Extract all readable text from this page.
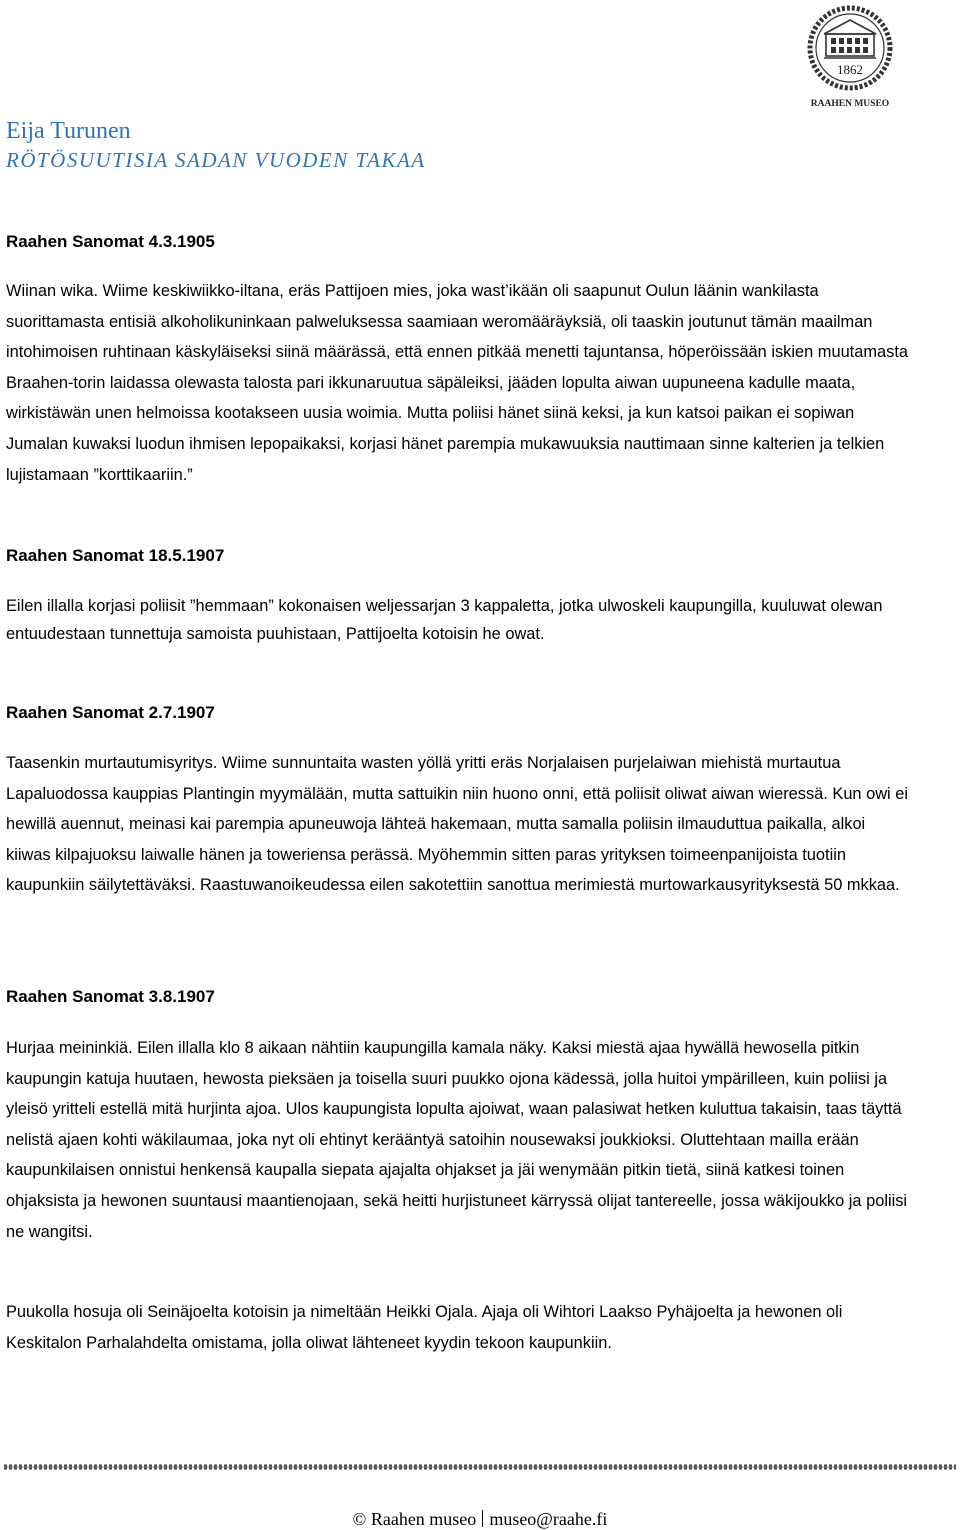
1862
RAAHEN MUSEO
Eija Turunen
RÖTÖSUUTISIA SADAN VUODEN TAKAA
Raahen Sanomat 4.3.1905

Wiinan wika. Wiime keskiwiikko-iltana, eräs Pattijoen mies, joka wast’ikään oli saapunut Oulun läänin wankilasta suorittamasta entisiä alkoholikuninkaan palweluksessa saamiaan weromääräyksiä, oli taaskin joutunut tämän maailman intohimoisen ruhtinaan käskyläiseksi siinä määrässä, että ennen pitkää menetti tajuntansa, höperöissään iskien muutamasta Braahen-torin laidassa olewasta talosta pari ikkunaruutua säpäleiksi, jääden lopulta aiwan uupuneena kadulle maata, wirkistäwän unen helmoissa kootakseen uusia woimia. Mutta poliisi hänet siinä keksi, ja kun katsoi paikan ei sopiwan Jumalan kuwaksi luodun ihmisen lepopaikaksi, korjasi hänet parempia mukawuuksia nauttimaan sinne kalterien ja telkien lujistamaan ”korttikaariin.”

Raahen Sanomat 18.5.1907

Eilen illalla korjasi poliisit ”hemmaan” kokonaisen weljessarjan 3 kappaletta, jotka ulwoskeli kaupungilla, kuuluwat olewan entuudestaan tunnettuja samoista puuhistaan, Pattijoelta kotoisin he owat.

Raahen Sanomat 2.7.1907

Taasenkin murtautumisyritys. Wiime sunnuntaita wasten yöllä yritti eräs Norjalaisen purjelaiwan miehistä murtautua Lapaluodossa kauppias Plantingin myymälään, mutta sattuikin niin huono onni, että poliisit oliwat aiwan wieressä. Kun owi ei hewillä auennut, meinasi kai parempia apuneuwoja lähteä hakemaan, mutta samalla poliisin ilmauduttua paikalla, alkoi kiiwas kilpajuoksu laiwalle hänen ja toweriensa perässä. Myöhemmin sitten paras yrityksen toimeenpanijoista tuotiin kaupunkiin säilytettäväksi. Raastuwanoikeudessa eilen sakotettiin sanottua merimiestä murtowarkausyrityksestä 50 mkkaa.

Raahen Sanomat 3.8.1907

Hurjaa meininkiä. Eilen illalla klo 8 aikaan nähtiin kaupungilla kamala näky. Kaksi miestä ajaa hywällä hewosella pitkin kaupungin katuja huutaen, hewosta pieksäen ja toisella suuri puukko ojona kädessä, jolla huitoi ympärilleen, kuin poliisi ja yleisö yritteli estellä mitä hurjinta ajoa. Ulos kaupungista lopulta ajoiwat, waan palasiwat hetken kuluttua takaisin, taas täyttä nelistä ajaen kohti wäkilaumaa, joka nyt oli ehtinyt kerääntyä satoihin nousewaksi joukkioksi. Oluttehtaan mailla erään kaupunkilaisen onnistui henkensä kaupalla siepata ajajalta ohjakset ja jäi wenymään pitkin tietä, siinä katkesi toinen ohjaksista ja hewonen suuntausi maantienojaan, sekä heitti hurjistuneet kärryssä olijat tantereelle, jossa wäkijoukko ja poliisi ne wangitsi.

Puukolla hosuja oli Seinäjoelta kotoisin ja nimeltään Heikki Ojala. Ajaja oli Wihtori Laakso Pyhäjoelta ja hewonen oli Keskitalon Parhalahdelta omistama, jolla oliwat lähteneet kyydin tekoon kaupunkiin.

© Raahen museo museo@raahe.fi
